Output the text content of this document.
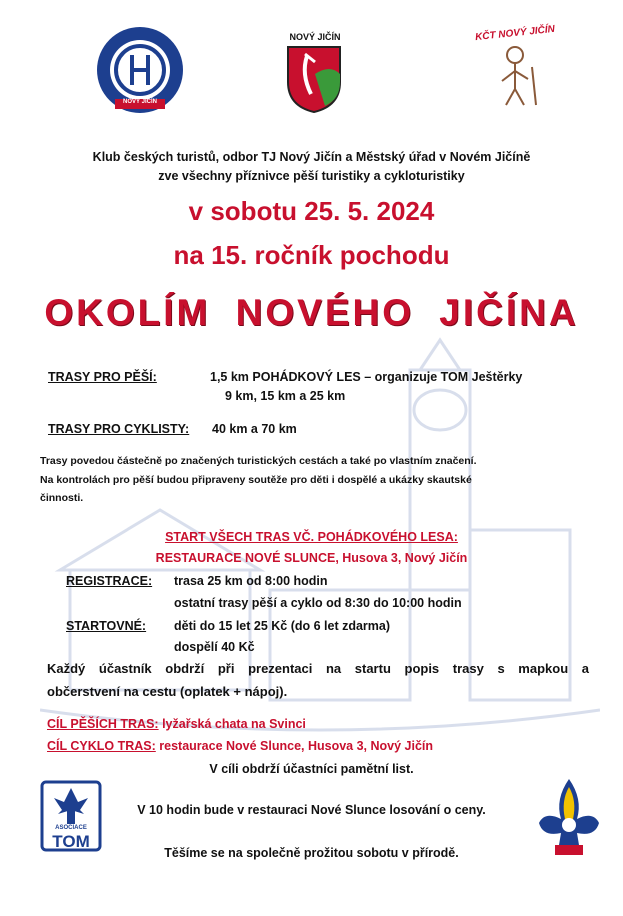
NOVÝ JIČÍN
NOVÝ JIČÍN	KČT NOVÝ JIČÍN
Klub českých turistů, odbor TJ Nový Jičín a Městský úřad v Novém Jičíně
zve všechny příznivce pěší turistiky a cykloturistiky
v sobotu 25. 5. 2024
na 15. ročník pochodu
OKOLÍM NOVÉHO JIČÍNA
TRASY PRO PĚŠÍ:	1,5 km POHÁDKOVÝ LES – organizuje TOM Ještěrky
9 km, 15 km a 25 km
TRASY PRO CYKLISTY: 40 km a 70 km
Trasy povedou částečně po značených turistických cestách a také po vlastním značení.
Na kontrolách pro pěší budou připraveny soutěže pro děti i dospělé a ukázky skautské
činnosti.
START VŠECH TRAS VČ. POHÁDKOVÉHO LESA:
RESTAURACE NOVÉ SLUNCE, Husova 3, Nový Jičín
REGISTRACE: trasa 25 km od 8:00 hodin
ostatní trasy pěší a cyklo od 8:30 do 10:00 hodin
STARTOVNÉ: děti do 15 let 25 Kč (do 6 let zdarma)
dospělí 40 Kč
Každý účastník obdrží při prezentaci na startu popis trasy s mapkou a
občerstvení na cestu (oplatek + nápoj).
CÍL PĚŠÍCH TRAS: lyžařská chata na Svinci
CÍL CYKLO TRAS: restaurace Nové Slunce, Husova 3, Nový Jičín
V cíli obdrží účastníci pamětní list.
ASOCIACE
TOM
V 10 hodin bude v restauraci Nové Slunce losování o ceny.
Těšíme se na společně prožitou sobotu v přírodě.
